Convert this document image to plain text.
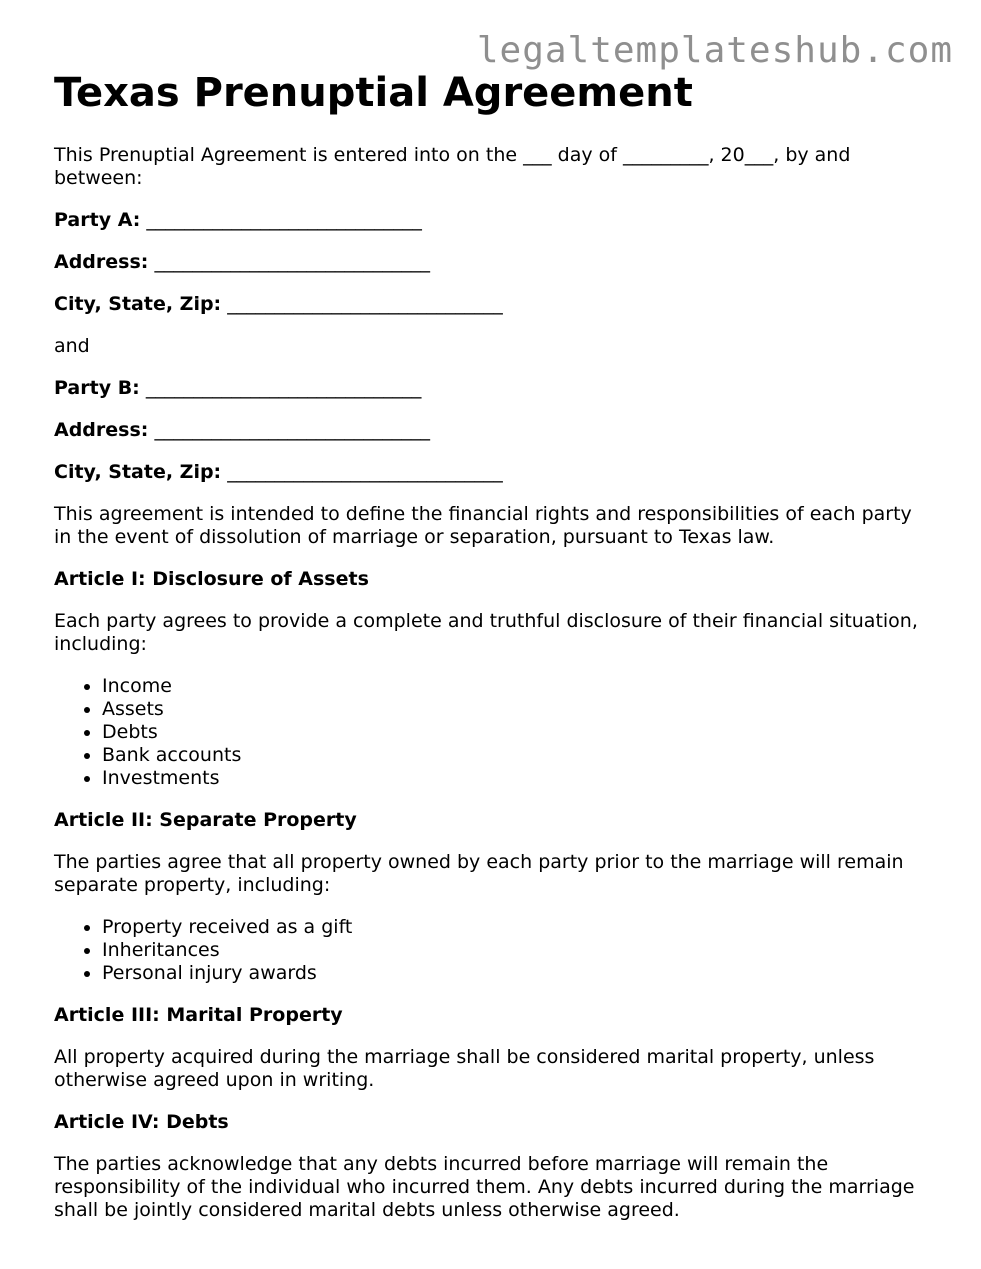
legaltemplateshub.com
Texas Prenuptial Agreement

This Prenuptial Agreement is entered into on the ___ day of _________, 20___, by and between:

Party A: _____________________________
Address: _____________________________
City, State, Zip: _____________________________

and

Party B: _____________________________
Address: _____________________________
City, State, Zip: _____________________________

This agreement is intended to define the financial rights and responsibilities of each party in the event of dissolution of marriage or separation, pursuant to Texas law.

Article I: Disclosure of Assets

Each party agrees to provide a complete and truthful disclosure of their financial situation, including:

• Income
• Assets
• Debts
• Bank accounts
• Investments
Article II: Separate Property

The parties agree that all property owned by each party prior to the marriage will remain separate property, including:

• Property received as a gift
• Inheritances
• Personal injury awards
Article III: Marital Property

All property acquired during the marriage shall be considered marital property, unless otherwise agreed upon in writing.

Article IV: Debts

The parties acknowledge that any debts incurred before marriage will remain the responsibility of the individual who incurred them. Any debts incurred during the marriage shall be jointly considered marital debts unless otherwise agreed.
